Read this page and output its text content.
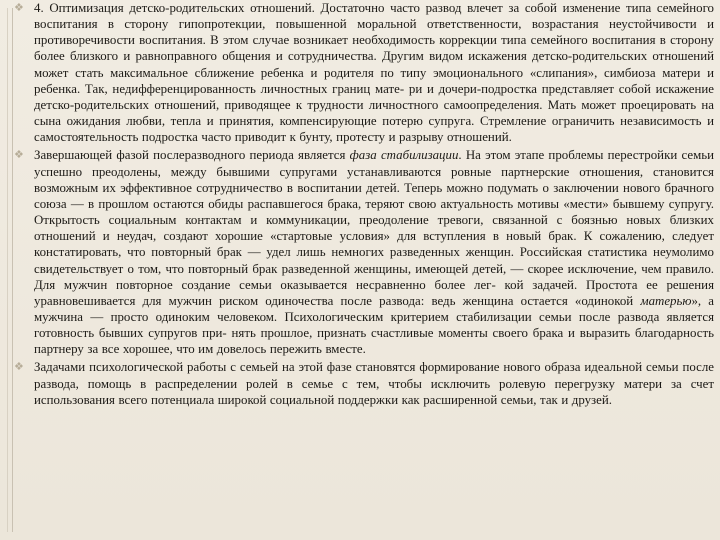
❖ 4. Оптимизация детско-родительских отношений. Достаточно часто развод влечет за собой изменение типа семейного воспитания в сторону гипопротекции, повышенной моральной ответственности, возрастания неустойчивости и противоречивости воспитания. В этом случае возникает необходимость коррекции типа семейного воспитания в сторону более близкого и равноправного общения и сотрудничества. Другим видом искажения детско-родительских отношений может стать максимальное сближение ребенка и родителя по типу эмоционального «слипания», симбиоза матери и ребенка. Так, недифференцированность личностных границ мате- ри и дочери-подростка представляет собой искажение детско-родительских отношений, приводящее к трудности личностного самоопределения. Мать может проецировать на сына ожидания любви, тепла и принятия, компенсирующие потерю супруга. Стремление ограничить независимость и самостоятельность подростка часто приводит к бунту, протесту и разрыву отношений.
❖ Завершающей фазой послеразводного периода является фаза стабилизации. На этом этапе проблемы перестройки семьи успешно преодолены, между бывшими супругами устанавливаются ровные партнерские отношения, становится возможным их эффективное сотрудничество в воспитании детей. Теперь можно подумать о заключении нового брачного союза — в прошлом остаются обиды распавшегося брака, теряют свою актуальность мотивы «мести» бывшему супругу. Открытость социальным контактам и коммуникации, преодоление тревоги, связанной с боязнью новых близких отношений и неудач, создают хорошие «стартовые условия» для вступления в новый брак. К сожалению, следует констатировать, что повторный брак — удел лишь немногих разведенных женщин. Российская статистика неумолимо свидетельствует о том, что повторный брак разведенной женщины, имеющей детей, — скорее исключение, чем правило. Для мужчин повторное создание семьи оказывается несравненно более лег- кой задачей. Простота ее решения уравновешивается для мужчин риском одиночества после развода: ведь женщина остается «одинокой матерью», а мужчина — просто одиноким человеком. Психологическим критерием стабилизации семьи после развода является готовность бывших супругов при- нять прошлое, признать счастливые моменты своего брака и выразить благодарность партнеру за все хорошее, что им довелось пережить вместе.
❖ Задачами психологической работы с семьей на этой фазе становятся формирование нового образа идеальной семьи после развода, помощь в распределении ролей в семье с тем, чтобы исключить ролевую перегрузку матери за счет использования всего потенциала широкой социальной поддержки как расширенной семьи, так и друзей.
